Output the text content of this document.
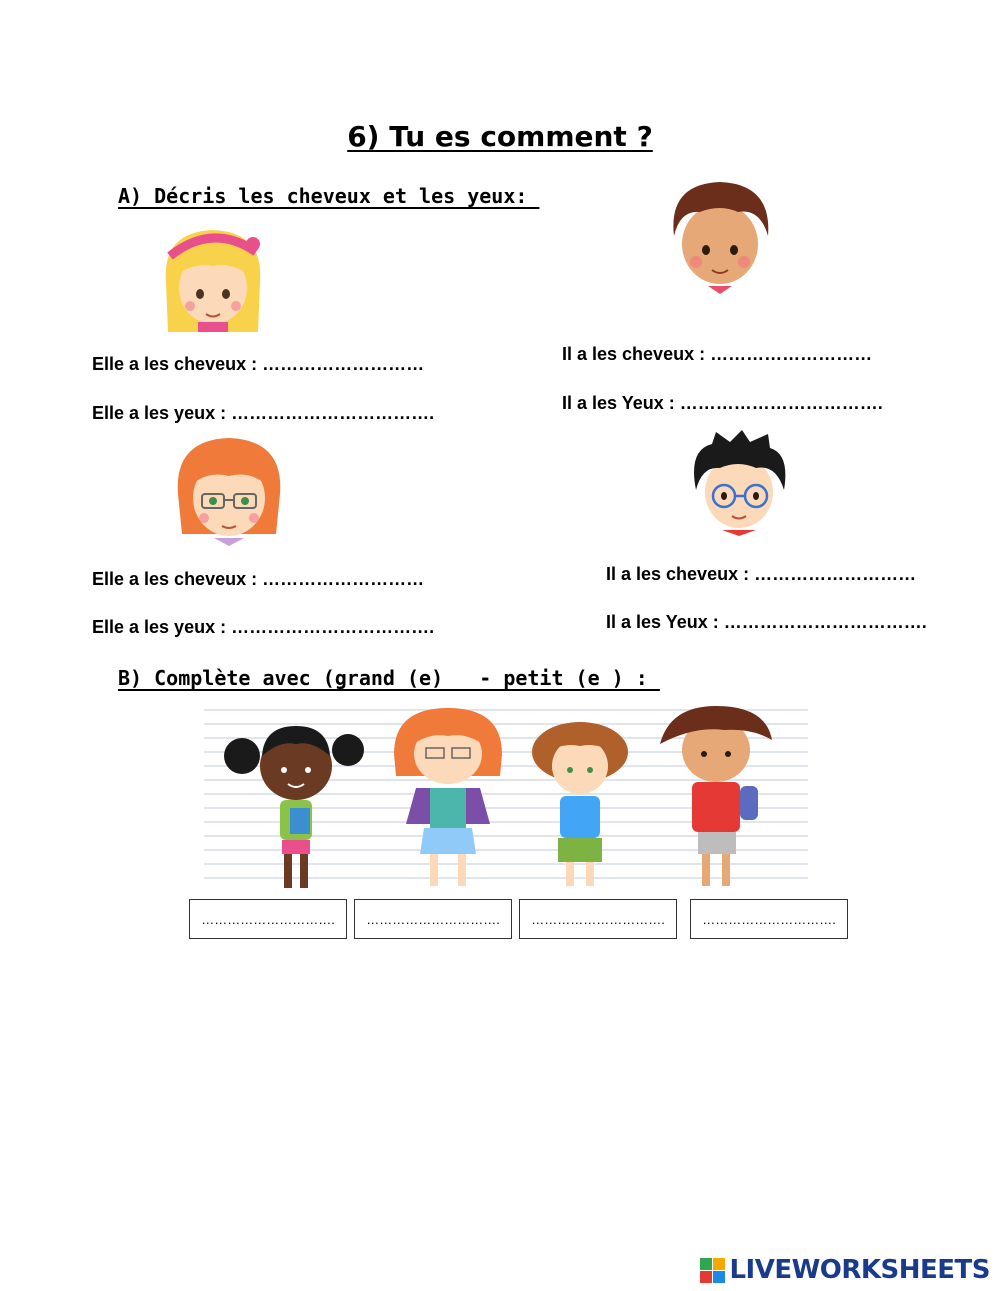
6) Tu es comment ?
A) Décris les cheveux et les yeux:
Elle a les cheveux : ………………………
Elle a les yeux : …………………………….
Il a les cheveux : ………………………
Il a les Yeux : …………………………….
Elle a les cheveux : ………………………
Elle a les yeux : …………………………….
Il a les cheveux : ………………………
Il a les Yeux : …………………………….
B) Complète avec (grand (e)   - petit (e ) :
………………………….	………………………….	………………………….	………………………….
LIVEWORKSHEETS
